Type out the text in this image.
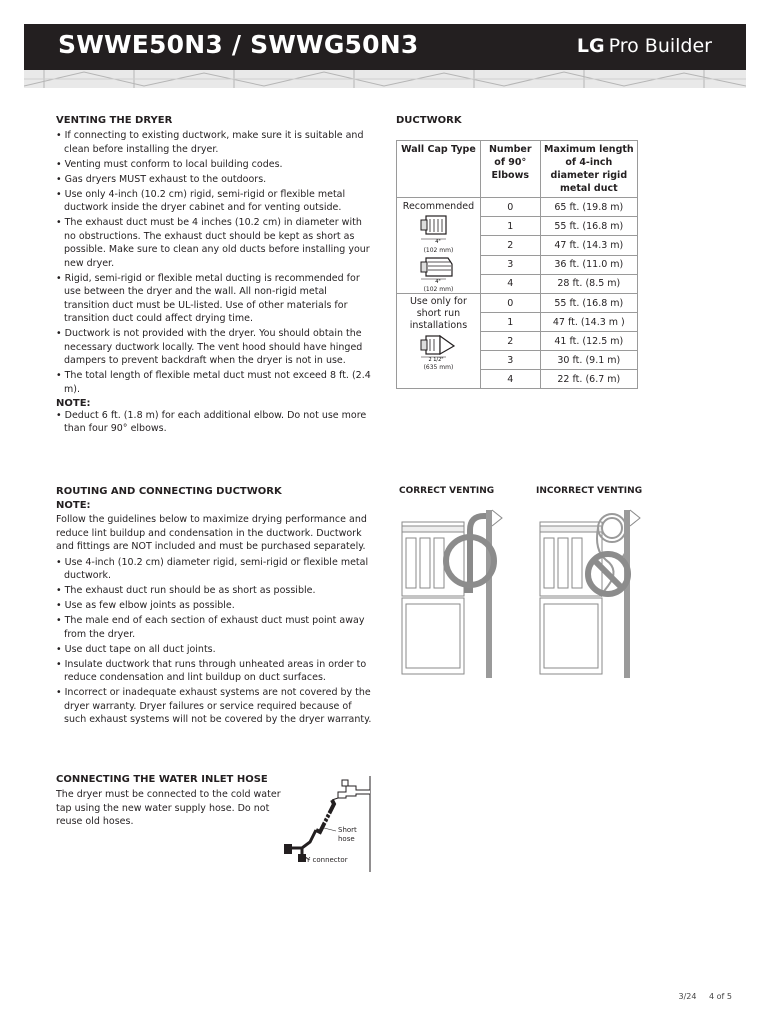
SWWE50N3 / SWWG50N3	LG Pro Builder
VENTING THE DRYER
• If connecting to existing ductwork, make sure it is suitable and clean before installing the dryer.
• Venting must conform to local building codes.
• Gas dryers MUST exhaust to the outdoors.
• Use only 4-inch (10.2 cm) rigid, semi-rigid or flexible metal ductwork inside the dryer cabinet and for venting outside.
• The exhaust duct must be 4 inches (10.2 cm) in diameter with no obstructions. The exhaust duct should be kept as short as possible. Make sure to clean any old ducts before installing your new dryer.
• Rigid, semi-rigid or flexible metal ducting is recommended for use between the dryer and the wall. All non-rigid metal transition duct must be UL-listed. Use of other materials for transition duct could affect drying time.
• Ductwork is not provided with the dryer. You should obtain the necessary ductwork locally. The vent hood should have hinged dampers to prevent backdraft when the dryer is not in use.
• The total length of flexible metal duct must not exceed 8 ft. (2.4 m).
NOTE:
• Deduct 6 ft. (1.8 m) for each additional elbow. Do not use more than four 90° elbows.
DUCTWORK
Wall Cap Type	Number of 90° Elbows	Maximum length of 4-inch diameter rigid metal duct

Recommended
4"
(102 mm)
4"
(102 mm)	0	65 ft. (19.8 m)
	1	55 ft. (16.8 m)
	2	47 ft. (14.3 m)
	3	36 ft. (11.0 m)
	4	28 ft. (8.5 m)

Use only for short run installations
2 1/2"
(635 mm)	0	55 ft. (16.8 m)
	1	47 ft. (14.3 m )
	2	41 ft. (12.5 m)
	3	30 ft. (9.1 m)
	4	22 ft. (6.7 m)
ROUTING AND CONNECTING DUCTWORK
NOTE:
Follow the guidelines below to maximize drying performance and reduce lint buildup and condensation in the ductwork. Ductwork and fittings are NOT included and must be purchased separately.
• Use 4-inch (10.2 cm) diameter rigid, semi-rigid or flexible metal ductwork.
• The exhaust duct run should be as short as possible.
• Use as few elbow joints as possible.
• The male end of each section of exhaust duct must point away from the dryer.
• Use duct tape on all duct joints.
• Insulate ductwork that runs through unheated areas in order to reduce condensation and lint buildup on duct surfaces.
• Incorrect or inadequate exhaust systems are not covered by the dryer warranty. Dryer failures or service required because of such exhaust systems will not be covered by the dryer warranty.
CORRECT VENTING	INCORRECT VENTING
CONNECTING THE WATER INLET HOSE
The dryer must be connected to the cold water tap using the new water supply hose. Do not reuse old hoses.
Short hose
Y connector
3/24 4 of 5
